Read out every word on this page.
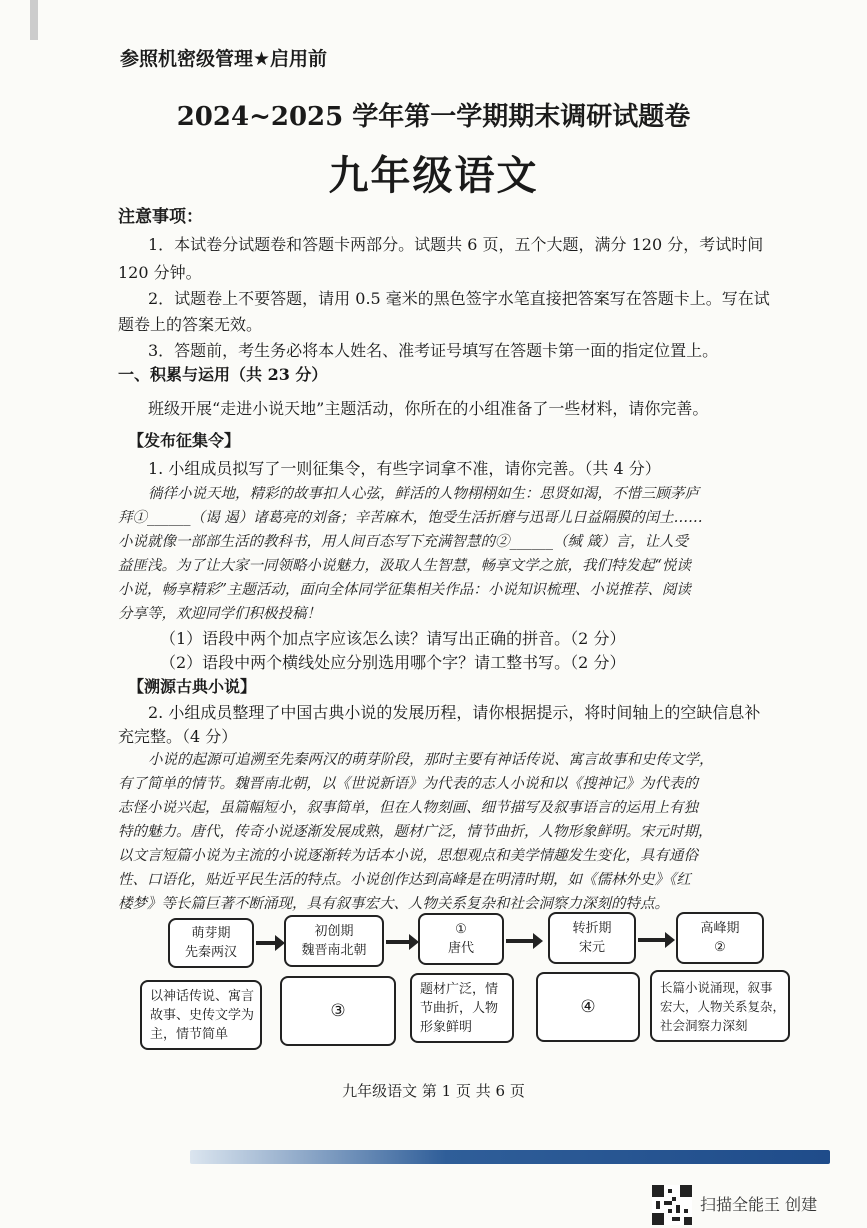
参照机密级管理★启用前
2024~2025 学年第一学期期末调研试题卷
九年级语文
注意事项：
1．本试卷分试题卷和答题卡两部分。试题共 6 页，五个大题，满分 120 分，考试时间
120 分钟。
2．试题卷上不要答题，请用 0.5 毫米的黑色签字水笔直接把答案写在答题卡上。写在试
题卷上的答案无效。
3．答题前，考生务必将本人姓名、准考证号填写在答题卡第一面的指定位置上。
一、积累与运用（共 23 分）
班级开展“走进小说天地”主题活动，你所在的小组准备了一些材料，请你完善。
【发布征集令】
1. 小组成员拟写了一则征集令，有些字词拿不准，请你完善。（共 4 分）
徜徉小说天地，精彩的故事扣人心弦，鲜活的人物栩栩如生：思贤如渴，不惜三顾茅庐
拜①______（谒 遏）诸葛亮的刘备；辛苦麻木，饱受生活折磨与迅哥儿日益隔膜的闰土……
小说就像一部部生活的教科书，用人间百态写下充满智慧的②______（缄 箴）言，让人受
益匪浅。为了让大家一同领略小说魅力，汲取人生智慧，畅享文学之旅，我们特发起“悦读
小说，畅享精彩”主题活动，面向全体同学征集相关作品：小说知识梳理、小说推荐、阅读
分享等，欢迎同学们积极投稿！
（1）语段中两个加点字应该怎么读？请写出正确的拼音。（2 分）
（2）语段中两个横线处应分别选用哪个字？请工整书写。（2 分）
【溯源古典小说】
2. 小组成员整理了中国古典小说的发展历程，请你根据提示，将时间轴上的空缺信息补
充完整。（4 分）
小说的起源可追溯至先秦两汉的萌芽阶段，那时主要有神话传说、寓言故事和史传文学，
有了简单的情节。魏晋南北朝，以《世说新语》为代表的志人小说和以《搜神记》为代表的
志怪小说兴起，虽篇幅短小，叙事简单，但在人物刻画、细节描写及叙事语言的运用上有独
特的魅力。唐代，传奇小说逐渐发展成熟，题材广泛，情节曲折，人物形象鲜明。宋元时期，
以文言短篇小说为主流的小说逐渐转为话本小说，思想观点和美学情趣发生变化，具有通俗
性、口语化，贴近平民生活的特点。小说创作达到高峰是在明清时期，如《儒林外史》《红
楼梦》等长篇巨著不断涌现，具有叙事宏大、人物关系复杂和社会洞察力深刻的特点。
萌芽期
先秦两汉
初创期
魏晋南北朝
①
唐代
转折期
宋元
高峰期
②
以神话传说、寓言
故事、史传文学为
主，情节简单
③
题材广泛，情
节曲折，人物
形象鲜明
④
长篇小说涌现，叙事
宏大，人物关系复杂，
社会洞察力深刻
九年级语文 第 1 页 共 6 页
扫描全能王 创建
